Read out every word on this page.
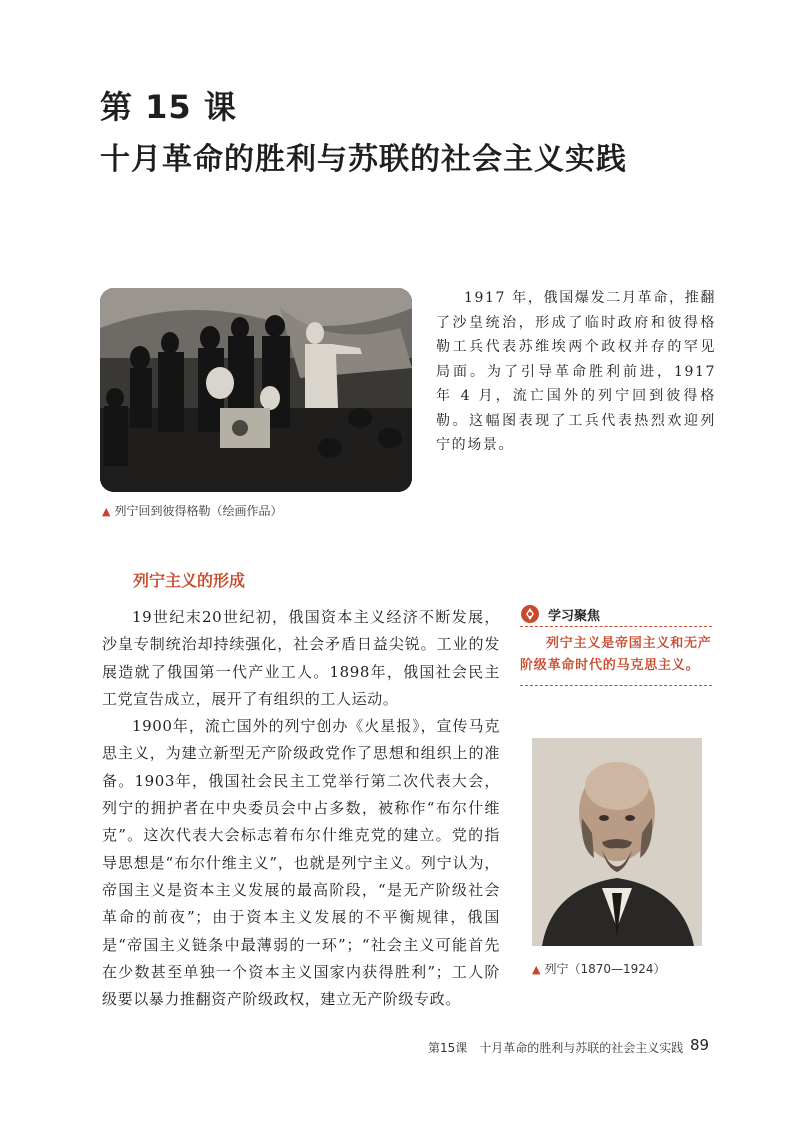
第 15 课
十月革命的胜利与苏联的社会主义实践
▲ 列宁回到彼得格勒（绘画作品）

1917 年，俄国爆发二月革命，推翻了沙皇统治，形成了临时政府和彼得格勒工兵代表苏维埃两个政权并存的罕见局面。为了引导革命胜利前进，1917 年 4 月，流亡国外的列宁回到彼得格勒。这幅图表现了工兵代表热烈欢迎列宁的场景。

列宁主义的形成

19世纪末20世纪初，俄国资本主义经济不断发展，沙皇专制统治却持续强化，社会矛盾日益尖锐。工业的发展造就了俄国第一代产业工人。1898年，俄国社会民主工党宣告成立，展开了有组织的工人运动。

1900年，流亡国外的列宁创办《火星报》，宣传马克思主义，为建立新型无产阶级政党作了思想和组织上的准备。1903年，俄国社会民主工党举行第二次代表大会，列宁的拥护者在中央委员会中占多数，被称作“布尔什维克”。这次代表大会标志着布尔什维克党的建立。党的指导思想是“布尔什维主义”，也就是列宁主义。列宁认为，帝国主义是资本主义发展的最高阶段，“是无产阶级社会革命的前夜”；由于资本主义发展的不平衡规律，俄国是“帝国主义链条中最薄弱的一环”；“社会主义可能首先在少数甚至单独一个资本主义国家内获得胜利”；工人阶级要以暴力推翻资产阶级政权，建立无产阶级专政。

学习聚焦

列宁主义是帝国主义和无产阶级革命时代的马克思主义。

▲ 列宁（1870—1924）
第15课　十月革命的胜利与苏联的社会主义实践 89
